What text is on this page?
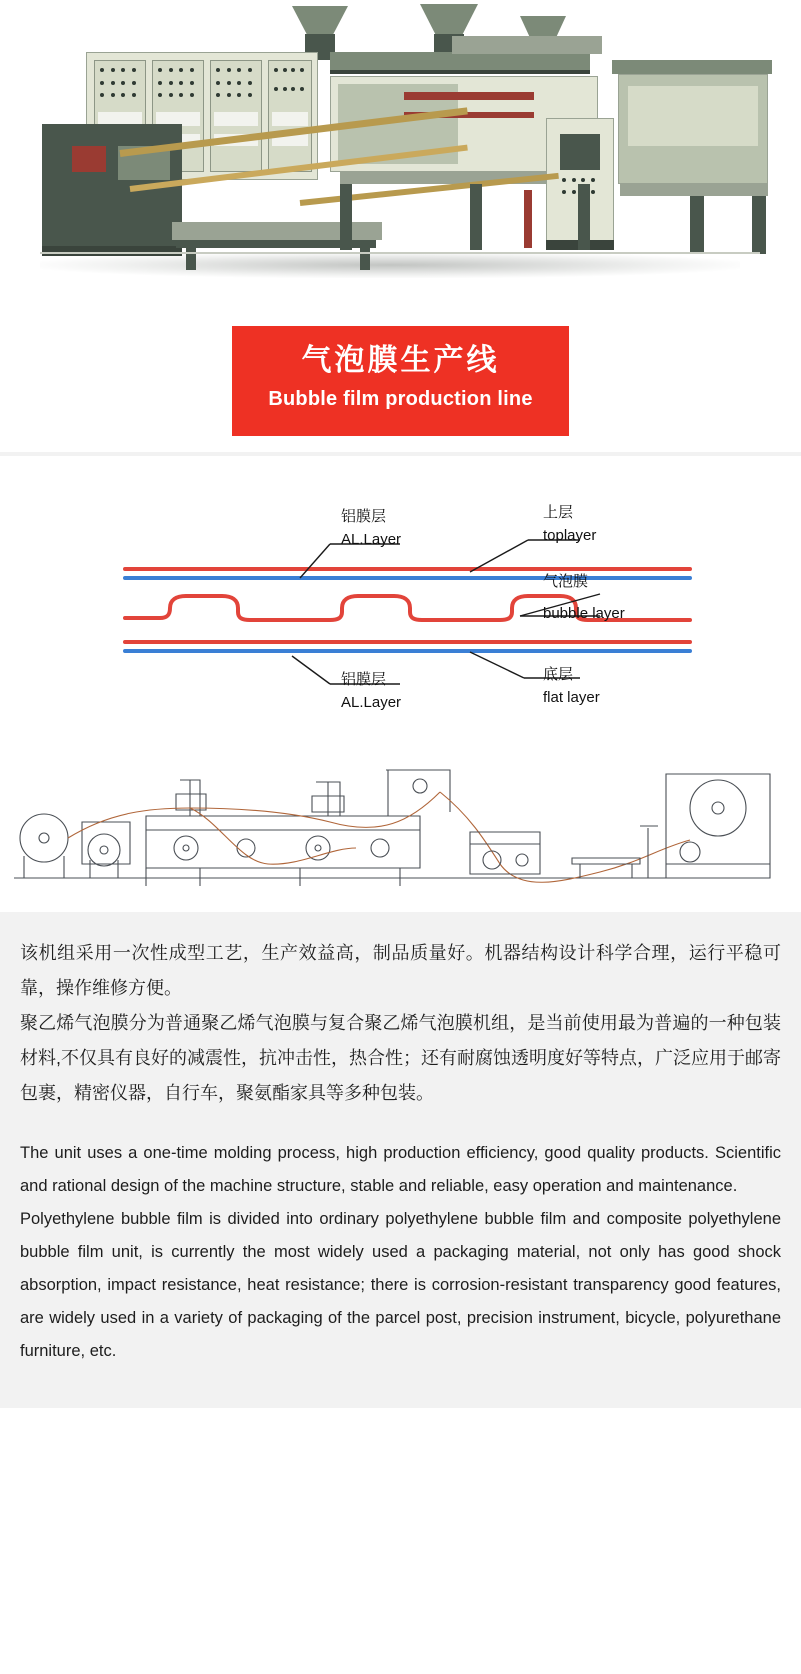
气泡膜生产线
Bubble film production line
铝膜层
AL.Layer
上层
toplayer
气泡膜
bubble layer
铝膜层
AL.Layer
底层
flat layer

该机组采用一次性成型工艺，生产效益高，制品质量好。机器结构设计科学合理，运行平稳可靠，操作维修方便。

聚乙烯气泡膜分为普通聚乙烯气泡膜与复合聚乙烯气泡膜机组，是当前使用最为普遍的一种包装材料,不仅具有良好的减震性，抗冲击性，热合性；还有耐腐蚀透明度好等特点，广泛应用于邮寄包裹，精密仪器，自行车，聚氨酯家具等多种包装。

The unit uses a one-time molding process, high production efficiency, good quality products. Scientific and rational design of the machine structure, stable and reliable, easy operation and maintenance.

Polyethylene bubble film is divided into ordinary polyethylene bubble film and composite polyethylene bubble film unit, is currently the most widely used a packaging material, not only has good shock absorption, impact resistance, heat resistance; there is corrosion-resistant transparency good features, are widely used in a variety of packaging of the parcel post, precision instrument, bicycle, polyurethane furniture, etc.
